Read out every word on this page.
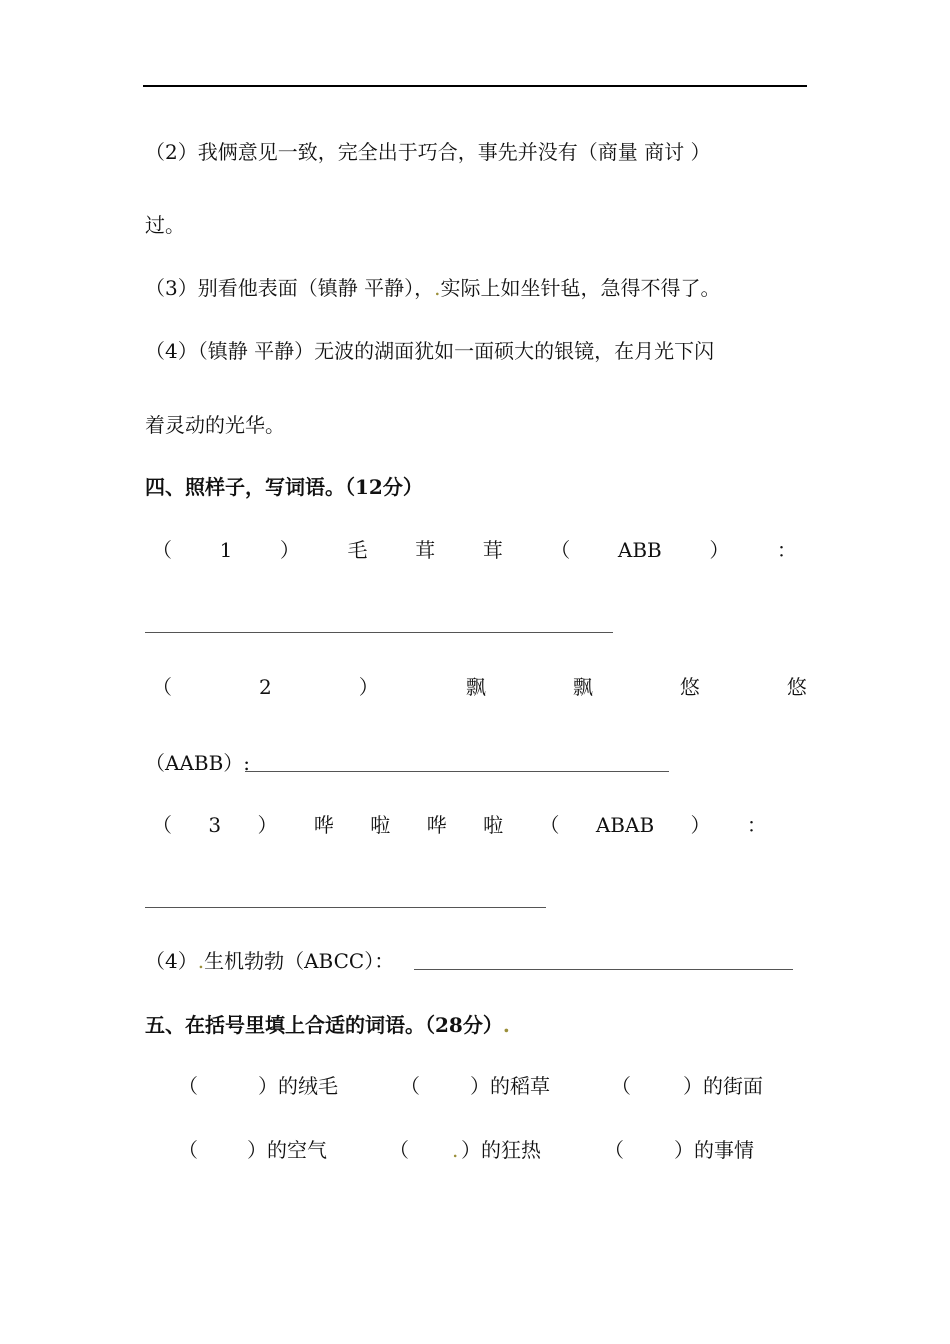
（2）我俩意见一致，完全出于巧合，事先并没有（商量 商讨 ）
过。
（3）别看他表面（镇静 平静），.实际上如坐针毡，急得不得了。
（4）（镇静 平静）无波的湖面犹如一面硕大的银镜，在月光下闪
着灵动的光华。
四、照样子，写词语。（12分）
（ 1 ） 毛 茸 茸 （ ABB ） ：
（	2	）	飘	飘	悠	悠
（AABB）:
（ 3 ） 哗 啦 哗 啦 （ ABAB ） ：
（4）.生机勃勃（ABCC）：
五、在括号里填上合适的词语。（28分）.
（	）的绒毛	（	）的稻草	（	）的街面
（ ）的空气	（ . ）的狂热	（	）的事情
